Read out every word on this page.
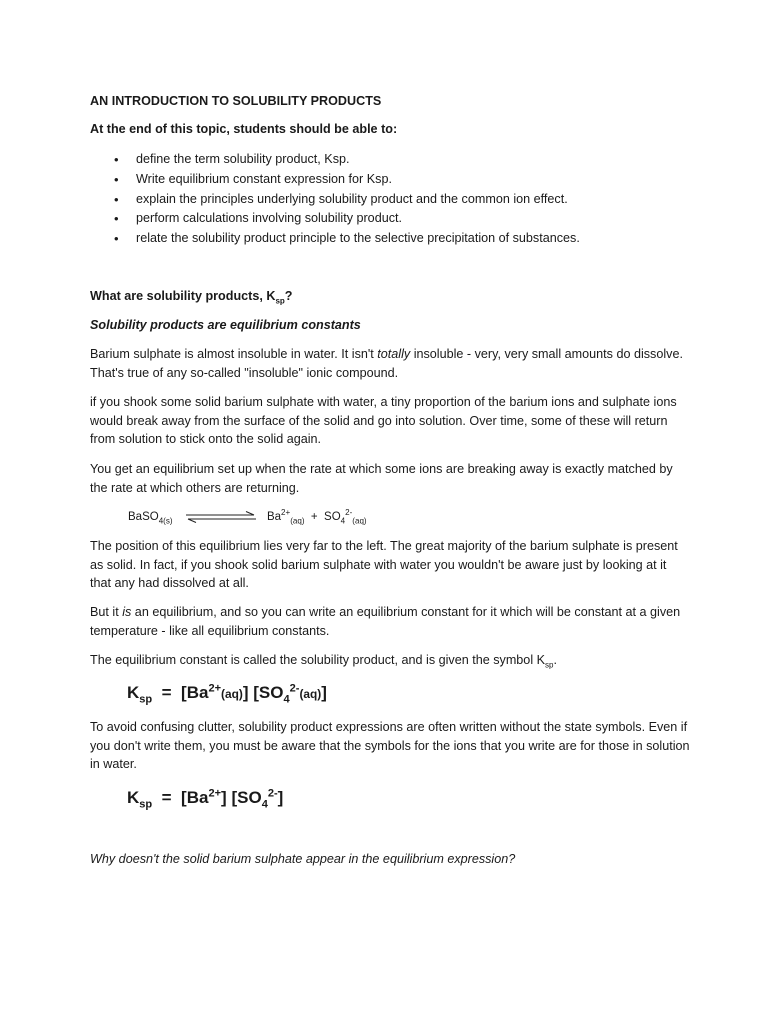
AN INTRODUCTION TO SOLUBILITY PRODUCTS

At the end of this topic, students should be able to:

• define the term solubility product, Ksp.
• Write equilibrium constant expression for Ksp.
• explain the principles underlying solubility product and the common ion effect.
• perform calculations involving solubility product.
• relate the solubility product principle to the selective precipitation of substances.

What are solubility products, $K_{sp}$?

Solubility products are equilibrium constants

Barium sulphate is almost insoluble in water. It isn't totally insoluble - very, very small amounts do dissolve. That's true of any so-called "insoluble" ionic compound.

if you shook some solid barium sulphate with water, a tiny proportion of the barium ions and sulphate ions would break away from the surface of the solid and go into solution. Over time, some of these will return from solution to stick onto the solid again.

You get an equilibrium set up when the rate at which some ions are breaking away is exactly matched by the rate at which others are returning.

BaSO$_{4(s)}$	$Ba^{2+}_{(aq)} + SO_4^{2-}_{(aq)}$

The position of this equilibrium lies very far to the left. The great majority of the barium sulphate is present as solid. In fact, if you shook solid barium sulphate with water you wouldn't be aware just by looking at it that any had dissolved at all.

But it is an equilibrium, and so you can write an equilibrium constant for it which will be constant at a given temperature - like all equilibrium constants.

The equilibrium constant is called the solubility product, and is given the symbol $K_{sp}$.

$K_{sp} = [Ba^{2+}(aq)]$ $[SO_4^{2-}(aq)]$

To avoid confusing clutter, solubility product expressions are often written without the state symbols. Even if you don't write them, you must be aware that the symbols for the ions that you write are for those in solution in water.

$K_{sp} = [Ba^{2+}]$ $[SO_4^{2-}]$

Why doesn't the solid barium sulphate appear in the equilibrium expression?
